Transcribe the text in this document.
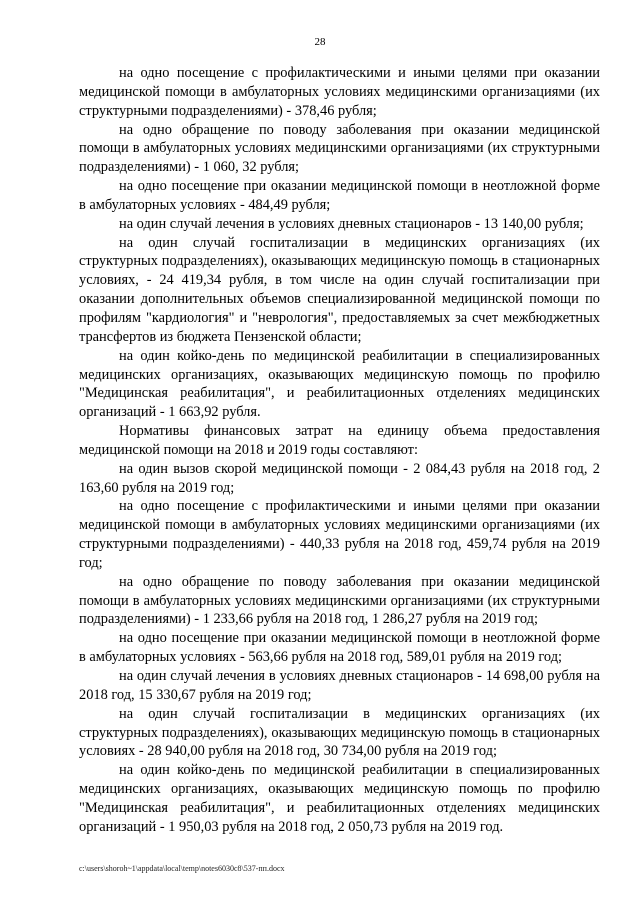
28

на одно посещение с профилактическими и иными целями при оказании медицинской помощи в амбулаторных условиях медицинскими организациями (их структурными подразделениями) - 378,46 рубля;

на одно обращение по поводу заболевания при оказании медицинской помощи в амбулаторных условиях медицинскими организациями (их структурными подразделениями) - 1 060, 32 рубля;

на одно посещение при оказании медицинской помощи в неотложной форме в амбулаторных условиях - 484,49 рубля;

на один случай лечения в условиях дневных стационаров - 13 140,00 рубля;

на один случай госпитализации в медицинских организациях (их структурных подразделениях), оказывающих медицинскую помощь в стационарных условиях, - 24 419,34 рубля, в том числе на один случай госпитализации при оказании дополнительных объемов специализированной медицинской помощи по профилям "кардиология" и "неврология", предоставляемых за счет межбюджетных трансфертов из бюджета Пензенской области;

на один койко-день по медицинской реабилитации в специализированных медицинских организациях, оказывающих медицинскую помощь по профилю "Медицинская реабилитация", и реабилитационных отделениях медицинских организаций - 1 663,92 рубля.

Нормативы финансовых затрат на единицу объема предоставления медицинской помощи на 2018 и 2019 годы составляют:

на один вызов скорой медицинской помощи - 2 084,43 рубля на 2018 год, 2 163,60 рубля на 2019 год;

на одно посещение с профилактическими и иными целями при оказании медицинской помощи в амбулаторных условиях медицинскими организациями (их структурными подразделениями) - 440,33 рубля на 2018 год, 459,74 рубля на 2019 год;

на одно обращение по поводу заболевания при оказании медицинской помощи в амбулаторных условиях медицинскими организациями (их структурными подразделениями) - 1 233,66 рубля на 2018 год, 1 286,27 рубля на 2019 год;

на одно посещение при оказании медицинской помощи в неотложной форме в амбулаторных условиях - 563,66 рубля на 2018 год, 589,01 рубля на 2019 год;

на один случай лечения в условиях дневных стационаров - 14 698,00 рубля на 2018 год, 15 330,67 рубля на 2019 год;

на один случай госпитализации в медицинских организациях (их структурных подразделениях), оказывающих медицинскую помощь в стационарных условиях - 28 940,00 рубля на 2018 год, 30 734,00 рубля на 2019 год;

на один койко-день по медицинской реабилитации в специализированных медицинских организациях, оказывающих медицинскую помощь по профилю "Медицинская реабилитация", и реабилитационных отделениях медицинских организаций - 1 950,03 рубля на 2018 год, 2 050,73 рубля на 2019 год.

c:\users\shoroh~1\appdata\local\temp\notes6030c8\537-пп.docx
